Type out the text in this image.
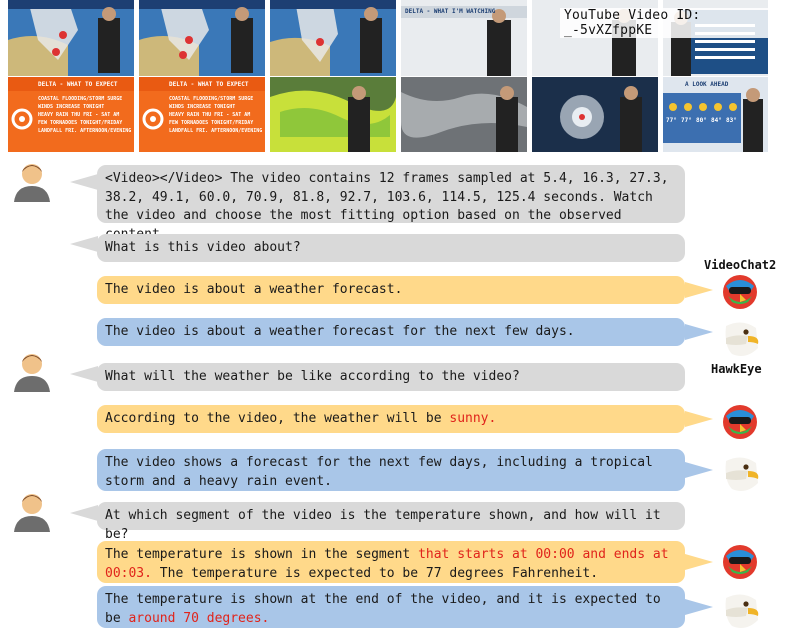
DELTA - WHAT I'M WATCHING
DELTA - WHAT TO EXPECT
COASTAL FLOODING/STORM SURGE
WINDS INCREASE TONIGHT
HEAVY RAIN THU FRI - SAT AM
FEW TORNADOES TONIGHT/FRIDAY
LANDFALL FRI. AFTERNOON/EVENING
DELTA - WHAT TO EXPECT
COASTAL FLOODING/STORM SURGE
WINDS INCREASE TONIGHT
HEAVY RAIN THU FRI - SAT AM
FEW TORNADOES TONIGHT/FRIDAY
LANDFALL FRI. AFTERNOON/EVENING
A LOOK AHEAD
77° 77° 80° 84° 83°
YouTube Video ID: _-5vXZfppKE
<Video></Video> The video contains 12 frames sampled at 5.4, 16.3, 27.3, 38.2, 49.1, 60.0, 70.9, 81.8, 92.7, 103.6, 114.5, 125.4 seconds. Watch the video and choose the most fitting option based on the observed
What is this video about?
VideoChat2
The video is about a weather forecast.
The video is about a weather forecast for the next few days.
HawkEye
What will the weather be like according to the video?
According to the video, the weather will be sunny.
The video shows a forecast for the next few days, including a tropical storm and a heavy rain event.
At which segment of the video is the temperature shown, and how will it be?
The temperature is shown in the segment that starts at 00:00 and ends at 00:03. The temperature is expected to be 77 degrees Fahrenheit.
The temperature is shown at the end of the video, and it is expected to be around 70 degrees.
